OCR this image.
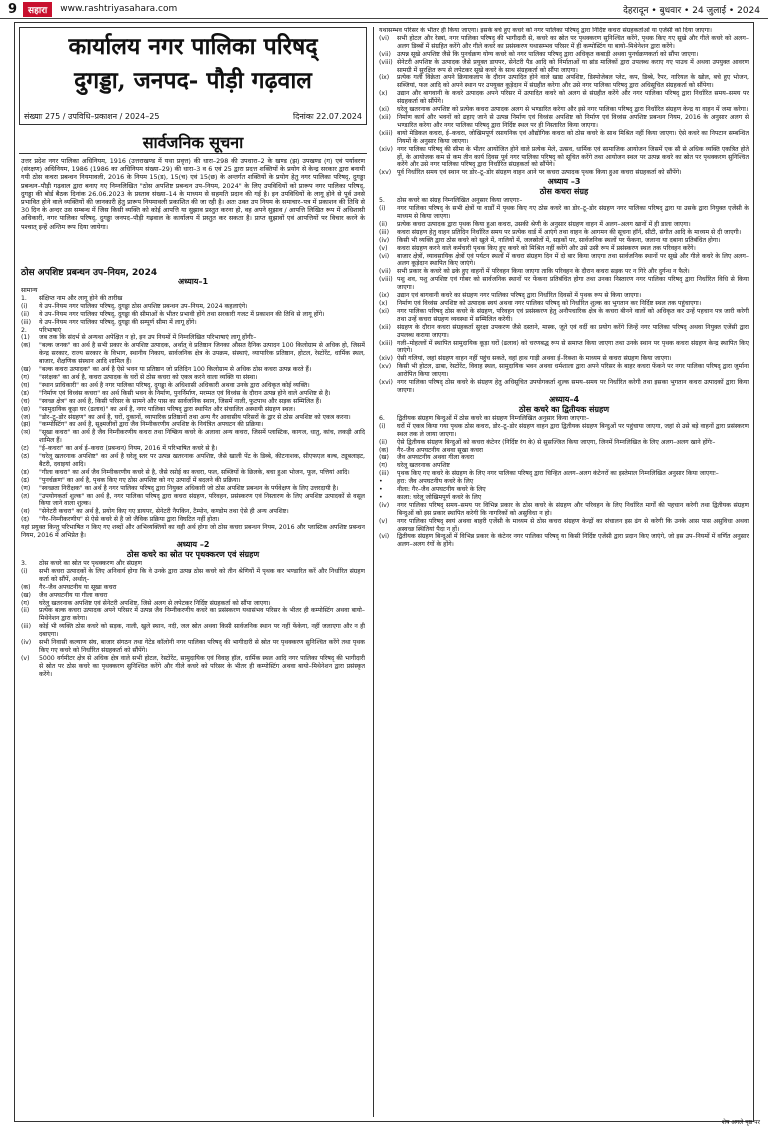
9	सहारा	www.rashtriyasahara.com	देहरादून • बुधवार • 24 जुलाई • 2024
कार्यालय नगर पालिका परिषद्
दुगड्डा, जनपद- पौड़ी गढ़वाल
संख्याः 275 / उपविधि–प्रकाशन / 2024–25	दिनांकः 22.07.2024
सार्वजनिक सूचना
उत्तर प्रदेश नगर पालिका अधिनियम, 1916 (उत्तराखण्ड में यथा प्रवृत्त) की धारा–298 की उपधारा–2 के खण्ड (झ) उपखण्ड (ग) एवं पर्यावरण (संरक्षण) अधिनियम, 1986 (1986 का अधिनियम संख्या–29) की धारा–3 व 6 एवं 25 द्वारा प्रदत्त शक्तियों के प्रयोग से केन्द्र सरकार द्वारा बनायी गयी ठोस कचरा प्रबन्धन नियमावली, 2016 के नियम 15(ड), 15(च) एवं 15(छ) के अन्तर्गत शक्तियों के प्रयोग हेतु नगर पालिका परिषद्, दुगड्डा प्रबन्धन–पौड़ी गढ़वाल द्वारा बनाए गए निम्नलिखित "ठोस अपशिष्ट प्रबन्धन उप–नियम, 2024" के लिए उपविधियों को प्रारूप नगर पालिका परिषद्, दुगड्डा की बोर्ड बैठक दिनांक 26.06.2023 के प्रस्ताव संख्या–14 के माध्यम से सहमति प्रदान की गई है। इन उपविधियों के लागू होने से पूर्व उनसे प्रभावित होने वाले व्यक्तियों की जानकारी हेतु प्रारूप नियमावली प्रकाशित की जा रही है। अतः उक्त उप नियम के समाचार–पत्र में प्रकाशन की तिथि से 30 दिन के अन्दर उस सम्बन्ध में जिस किसी व्यक्ति को कोई आपत्ति या सुझाव प्रस्तुत करना हो, वह अपने सुझाव / आपत्ति लिखित रूप में अधिशासी अधिकारी, नगर पालिका परिषद्, दुगड्डा जनपद–पौड़ी गढ़वाल के कार्यालय में प्रस्तुत कर सकता है। प्राप्त सुझावों एवं आपत्तियों पर विचार करने के पश्चात् इन्हें अन्तिम रूप दिया जायेगा।
ठोस अपशिष्ट प्रबन्धन उप–नियम, 2024
अध्याय–1
सामान्य
1.	संक्षिप्त नाम और लागू होने की तारीख
(i)	ये उप–नियम नगर पालिका परिषद्, दुगड्डा ठोस अपशिष्ट प्रबन्धन उप–नियम, 2024 कहलाएंगे।
(ii)	ये उप–नियम नगर पालिका परिषद्, दुगड्डा की सीमाओं के भीतर प्रभावी होंगे तथा सरकारी गजट में प्रकाशन की तिथि से लागू होंगे।
(iii)	ये उप–नियम नगर पालिका परिषद्, दुगड्डा की सम्पूर्ण सीमा में लागू होंगे।
2.	परिभाषाएं
(1)	जब तक कि संदर्भ से अन्यथा अपेक्षित न हो, इन उप नियमों में निम्नलिखित परिभाषाएं लागू होंगीः–
(क)	"बल्क जनक" का अर्थ है सभी प्रकार के अपशिष्ट उत्पादक, अर्थात् वे प्रतिष्ठान जिनका औसत दैनिक उत्पादन 100 किलोग्राम से अधिक हो, जिसमें केन्द्र सरकार, राज्य सरकार के विभाग, स्थानीय निकाय, सार्वजनिक क्षेत्र के उपक्रम, संस्थाएं, व्यापारिक प्रतिष्ठान, होटल, रेस्टोरेंट, धार्मिक स्थल, बाजार, शैक्षणिक संस्थान आदि शामिल हैं।
(ख)	"बल्क कचरा उत्पादक" का अर्थ है ऐसे भवन या प्रतिष्ठान जो प्रतिदिन 100 किलोग्राम से अधिक ठोस कचरा उत्पन्न करते हैं।
(ग)	"सरंक्षक" का अर्थ है, कचरा उत्पादक के घरों से ठोस कचरा को एकत्र करने वाला व्यक्ति या संस्था।
(घ)	"स्थान प्राधिकारी" का अर्थ है नगर पालिका परिषद्, दुगड्डा के अधिशासी अधिकारी अथवा उनके द्वारा अधिकृत कोई व्यक्ति।
(ड)	"निर्माण एवं विध्वंस कचरा" का अर्थ किसी भवन के निर्माण, पुनर्निर्माण, मरम्मत एवं विध्वंस के दौरान उत्पन्न होने वाले अपशिष्ट से है।
(च)	"स्वच्छ क्षेत्र" का अर्थ है, किसी परिसर के सामने और पास का सार्वजनिक स्थान, जिसमें नाली, फुटपाथ और सड़क सम्मिलित हैं।
(छ)	"सामुदायिक कूड़ा घर (ढलाव)" का अर्थ है, नगर पालिका परिषद् द्वारा स्थापित और संचालित अस्थायी संग्रहण स्थल।
(ज)	"डोर–टू–डोर संग्रहण" का अर्थ है, घरों, दुकानों, व्यापारिक प्रतिष्ठानों तथा अन्य गैर आवासीय परिसरों के द्वार से ठोस अपशिष्ट को एकत्र करना।
(झ)	"कम्पोस्टिंग" का अर्थ है, सूक्ष्मजीवों द्वारा जैव निम्नीकरणीय अपशिष्ट के नियंत्रित अपघटन की प्रक्रिया।
(ञ)	"सूखा कचरा" का अर्थ है जैव निम्नीकरणीय कचरा तथा निष्क्रिय कचरे के अलावा अन्य कचरा, जिसमें प्लास्टिक, कागज, धातु, कांच, लकड़ी आदि शामिल हैं।
(ट)	"ई–कचरा" का अर्थ ई–कचरा (प्रबन्धन) नियम, 2016 में परिभाषित कचरे से है।
(ठ)	"घरेलू खतरनाक अपशिष्ट" का अर्थ है घरेलू स्तर पर उत्पन्न खतरनाक अपशिष्ट, जैसे खाली पेंट के डिब्बे, कीटनाशक, सीएफएल बल्ब, ट्यूबलाइट, बैटरी, दवाइयां आदि।
(ड)	"गीला कचरा" का अर्थ जैव निम्नीकरणीय कचरे से है, जैसे रसोई का कचरा, फल, सब्जियों के छिलके, बचा हुआ भोजन, फूल, पत्तियां आदि।
(ढ)	"पुनर्चक्रण" का अर्थ है, पृथक किए गए ठोस अपशिष्ट को नए उत्पादों में बदलने की प्रक्रिया।
(ण)	"स्वच्छता निरीक्षक" का अर्थ है नगर पालिका परिषद् द्वारा नियुक्त अधिकारी जो ठोस अपशिष्ट प्रबन्धन के पर्यवेक्षण के लिए उत्तरदायी है।
(त)	"उपयोगकर्ता शुल्क" का अर्थ है, नगर पालिका परिषद् द्वारा कचरा संग्रहण, परिवहन, प्रसंस्करण एवं निस्तारण के लिए अपशिष्ट उत्पादकों से वसूल किया जाने वाला शुल्क।
(थ)	"सेनेटरी कचरा" का अर्थ है, प्रयोग किए गए डायपर, सेनेटरी नैपकिन, टैम्पोन, कण्डोम तथा ऐसे ही अन्य अपशिष्ट।
(द)	"गैर–निम्नीकरणीय" से ऐसे कचरे से है जो जैविक प्रक्रिया द्वारा विघटित नहीं होता।
यहां प्रयुक्त किन्तु परिभाषित न किए गए शब्दों और अभिव्यक्तियों का वही अर्थ होगा जो ठोस कचरा प्रबन्धन नियम, 2016 और प्लास्टिक अपशिष्ट प्रबन्धन नियम, 2016 में अभिप्रेत है।
अध्याय –2
ठोस कचरे का स्रोत पर पृथक्करण एवं संग्रहण
3.	ठोस कचरे का स्रोत पर पृथक्करण और संग्रहण
(i)	सभी कचरा उत्पादकों के लिए अनिवार्य होगा कि वे उनके द्वारा उत्पन्न ठोस कचरे को तीन श्रेणियों में पृथक कर भण्डारित करें और निर्धारित संग्रहण कर्ता को सौंपें, अर्थात्–
(क)	गैर–जैव अपघटनीय या सूखा कचरा
(ख)	जैव अपघटनीय या गीला कचरा
(ग)	घरेलू खतरनाक अपशिष्ट एवं सेनेटरी अपशिष्ट, जिसे अलग से लपेटकर निर्दिष्ट संग्रहकर्ता को सौंपा जाएगा।
(ii)	प्रत्येक बल्क कचरा उत्पादक अपने परिसर में उत्पन्न जैव निम्नीकरणीय कचरे का प्रसंस्करण यथासंभव परिसर के भीतर ही कम्पोस्टिंग अथवा बायो–मिथेनेशन द्वारा करेगा।
(iii)	कोई भी व्यक्ति ठोस कचरे को सड़क, नाली, खुले स्थान, नदी, जल स्रोत अथवा किसी सार्वजनिक स्थान पर नहीं फेंकेगा, नहीं जलाएगा और न ही दबाएगा।
(iv)	सभी निवासी कल्याण संघ, बाजार संगठन तथा गेटेड कॉलोनी नगर पालिका परिषद् की भागीदारी से स्रोत पर पृथक्करण सुनिश्चित करेंगे तथा पृथक किए गए कचरे को निर्धारित संग्रहकर्ता को सौंपेंगे।
(v)	5000 वर्गमीटर क्षेत्र से अधिक क्षेत्र वाले सभी होटल, रेस्टोरेंट, सामुदायिक एवं विवाह हॉल, धार्मिक स्थल आदि नगर पालिका परिषद् की भागीदारी से स्रोत पर ठोस कचरे का पृथक्करण सुनिश्चित करेंगे और गीले कचरे को परिसर के भीतर ही कम्पोस्टिंग अथवा बायो–मिथेनेशन द्वारा प्रसंस्कृत करेंगे।
यथासम्भव परिसर के भीतर ही किया जाएगा। इसके बचे हुए कचरे को नगर पालिका परिषद् द्वारा निर्दिष्ट कचरा संग्रहकर्ताओं या एजेंसी को दिया जाएगा।
(vi)	सभी होटल और रेस्त्रां, नगर पालिका परिषद् की भागीदारी से, कचरे का स्रोत पर पृथक्करण सुनिश्चित करेंगे, पृथक किए गए सूखे और गीले कचरे को अलग–अलग डिब्बों में संग्रहित करेंगे और गीले कचरे का प्रसंस्करण यथासम्भव परिसर में ही कम्पोस्टिंग या बायो–मिथेनेशन द्वारा करेंगे।
(vii) उत्पन्न सूखे अपशिष्ट जैसे कि पुनर्चक्रण योग्य कचरे को नगर पालिका परिषद् द्वारा अधिकृत कबाड़ी अथवा पुनर्चक्रणकर्ता को सौंपा जाएगा।
(viii) सेनेटरी अपशिष्ट के उत्पादक जैसे प्रयुक्त डायपर, सेनेटरी पैड आदि को निर्माताओं या ब्रांड मालिकों द्वारा उपलब्ध कराए गए पाउच में अथवा उपयुक्त आवरण सामग्री में सुरक्षित रूप से लपेटकर सूखे कचरे के साथ संग्रहकर्ता को सौंपा जाएगा।
(ix)	प्रत्येक गली विक्रेता अपने क्रियाकलाप के दौरान उत्पादित होने वाले खाद्य अपशिष्ट, डिस्पोजेबल प्लेट, कप, डिब्बे, रैपर, नारियल के खोल, बचे हुए भोजन, सब्जियां, फल आदि को अपने स्थान पर उपयुक्त कूड़ेदान में संग्रहीत करेगा और उसे नगर पालिका परिषद् द्वारा अधिसूचित संग्रहकर्ता को सौंपेगा।
(x)	उद्यान और बागवानी के कचरे उत्पादक अपने परिसर में उत्पादित कचरे को अलग से संग्रहीत करेंगे और नगर पालिका परिषद् द्वारा निर्धारित समय–समय पर संग्रहकर्ता को सौंपेंगे।
(xi)	घरेलू खतरनाक अपशिष्ट को प्रत्येक कचरा उत्पादक अलग से भण्डारित करेगा और इसे नगर पालिका परिषद् द्वारा निर्धारित संग्रहण केन्द्र या वाहन में जमा करेगा।
(xii) निर्माण कार्य और भवनों को ढहाए जाने से उत्पन्न निर्माण एवं विध्वंस अपशिष्ट को निर्माण एवं विध्वंस अपशिष्ट प्रबन्धन नियम, 2016 के अनुसार अलग से भण्डारित करेगा और नगर पालिका परिषद् द्वारा निर्दिष्ट स्थल पर ही निस्तारित किया जाएगा।
(xiii) बायो मेडिकल कचरा, ई–कचरा, जोखिमपूर्ण रसायनिक एवं औद्योगिक कचरा को ठोस कचरे के साथ मिश्रित नहीं किया जाएगा। ऐसे कचरे का निपटान सम्बन्धित नियमों के अनुसार किया जाएगा।
(xiv) नगर पालिका परिषद् की सीमा के भीतर आयोजित होने वाले प्रत्येक मेले, उत्सव, धार्मिक एवं सामाजिक आयोजन जिसमें एक सौ से अधिक व्यक्ति एकत्रित होते हों, के आयोजक कम से कम तीन कार्य दिवस पूर्व नगर पालिका परिषद् को सूचित करेंगे तथा आयोजन स्थल पर उत्पन्न कचरे का स्रोत पर पृथक्करण सुनिश्चित करेंगे और उसे नगर पालिका परिषद् द्वारा निर्धारित संग्रहकर्ता को सौंपेंगे।
(xv) पूर्व निर्धारित समय एवं स्थान पर डोर–टू–डोर संग्रहण वाहन आने पर कचरा उत्पादक पृथक किया हुआ कचरा संग्रहकर्ता को सौंपेंगे।
अध्याय –3
ठोस कचरा संग्रह
5.	ठोस कचरे का संग्रह निम्नलिखित अनुसार किया जाएगाः–
(i)	नगर पालिका परिषद् के सभी क्षेत्रों या वार्डों में पृथक किए गए ठोस कचरे का डोर–टू–डोर संग्रहण नगर पालिका परिषद् द्वारा या उसके द्वारा नियुक्त एजेंसी के माध्यम से किया जाएगा।
(ii)	प्रत्येक कचरा उत्पादक द्वारा पृथक किया हुआ कचरा, उसकी श्रेणी के अनुसार संग्रहण वाहन में अलग–अलग खानों में ही डाला जाएगा।
(iii)	कचरा संग्रहण हेतु वाहन प्रतिदिन निर्धारित समय पर प्रत्येक वार्ड में आएंगे तथा वाहन के आगमन की सूचना हॉर्न, सीटी, संगीत आदि के माध्यम से दी जाएगी।
(iv)	किसी भी व्यक्ति द्वारा ठोस कचरे को खुले में, नालियों में, जलस्रोतों में, सड़कों पर, सार्वजनिक स्थलों पर फेंकना, जलाना या दबाना प्रतिबंधित होगा।
(v)	कचरा संग्रहण करने वाले कर्मचारी पृथक किए हुए कचरे को मिश्रित नहीं करेंगे और उसे उसी रूप में प्रसंस्करण स्थल तक परिवहन करेंगे।
(vi)	बाजार क्षेत्रों, व्यावसायिक क्षेत्रों एवं पर्यटन स्थलों में कचरा संग्रहण दिन में दो बार किया जाएगा तथा सार्वजनिक स्थानों पर सूखे और गीले कचरे के लिए अलग–अलग कूड़ेदान स्थापित किए जाएंगे।
(vii) सभी प्रकार के कचरे को ढके हुए वाहनों में परिवहन किया जाएगा ताकि परिवहन के दौरान कचरा सड़क पर न गिरे और दुर्गन्ध न फैले।
(viii) पशु शव, पशु अपशिष्ट एवं गोबर को सार्वजनिक स्थानों पर फेंकना प्रतिबंधित होगा तथा उनका निस्तारण नगर पालिका परिषद् द्वारा निर्धारित विधि से किया जाएगा।
(ix)	उद्यान एवं बागवानी कचरे का संग्रहण नगर पालिका परिषद् द्वारा निर्धारित दिवसों में पृथक रूप से किया जाएगा।
(x)	निर्माण एवं विध्वंस अपशिष्ट को उत्पादक स्वयं अथवा नगर पालिका परिषद् को निर्धारित शुल्क का भुगतान कर निर्दिष्ट स्थल तक पहुंचाएगा।
(xi)	नगर पालिका परिषद् ठोस कचरे के संग्रहण, परिवहन एवं प्रसंस्करण हेतु अनौपचारिक क्षेत्र के कचरा बीनने वालों को अधिकृत कर उन्हें पहचान पत्र जारी करेगी तथा उन्हें कचरा संग्रहण व्यवस्था में सम्मिलित करेगी।
(xii) संग्रहण के दौरान कचरा संग्रहकर्ता सुरक्षा उपकरण जैसे दस्ताने, मास्क, जूते एवं वर्दी का प्रयोग करेंगे जिन्हें नगर पालिका परिषद् अथवा नियुक्त एजेंसी द्वारा उपलब्ध कराया जाएगा।
(xiii) गली–मोहल्लों में स्थापित सामुदायिक कूड़ा घरों (ढलाव) को चरणबद्ध रूप से समाप्त किया जाएगा तथा उनके स्थान पर पृथक कचरा संग्रहण केन्द्र स्थापित किए जाएंगे।
(xiv) ऐसी गलियां, जहां संग्रहण वाहन नहीं पहुंच सकते, वहां हाथ गाड़ी अथवा ई–रिक्शा के माध्यम से कचरा संग्रहण किया जाएगा।
(xv) किसी भी होटल, ढाबा, रेस्टोरेंट, विवाह स्थल, सामुदायिक भवन अथवा धर्मशाला द्वारा अपने परिसर के बाहर कचरा फेंकने पर नगर पालिका परिषद् द्वारा जुर्माना आरोपित किया जाएगा।
(xvi) नगर पालिका परिषद् ठोस कचरे के संग्रहण हेतु अधिसूचित उपयोगकर्ता शुल्क समय–समय पर निर्धारित करेगी तथा इसका भुगतान कचरा उत्पादकों द्वारा किया जाएगा।
अध्याय–4
ठोस कचरे का द्वितीयक संग्रहण
6.	द्वितीयक संग्रहण बिन्दुओं में ठोस कचरे का संग्रहण निम्नलिखित अनुसार किया जाएगाः–
(i)	घरों में एकत्र किया गया पृथक ठोस कचरा, डोर–टू–डोर संग्रहण वाहन द्वारा द्वितीयक संग्रहण बिन्दुओं पर पहुंचाया जाएगा, जहां से उसे बड़े वाहनों द्वारा प्रसंस्करण स्थल तक ले जाया जाएगा।
(ii)	ऐसे द्वितीयक संग्रहण बिन्दुओं को कचरा कंटेनर (निर्दिष्ट रंग के) से सुसज्जित किया जाएगा, जिनमें निम्नलिखित के लिए अलग–अलग खाने होंगेः–
(क)	गैर–जैव अपघटनीय अथवा सूखा कचरा
(ख)	जैव अपघटनीय अथवा गीला कचरा
(ग)	घरेलू खतरनाक अपशिष्ट
(iii)	पृथक किए गए कचरे के संग्रहण के लिए नगर पालिका परिषद् द्वारा चिन्हित अलग–अलग कंटेनरों का इस्तेमाल निम्नलिखित अनुसार किया जाएगाः–
•	हरा: जैव अपघटनीय कचरे के लिए
•	नीला: गैर–जैव अपघटनीय कचरे के लिए
•	काला: घरेलू जोखिमपूर्ण कचरे के लिए
(iv)	नगर पालिका परिषद् समय–समय पर विभिन्न प्रकार के ठोस कचरे के संग्रहण और परिवहन के लिए निर्धारित मार्गों की पहचान करेगी तथा द्वितीयक संग्रहण बिन्दुओं को इस प्रकार स्थापित करेगी कि नागरिकों को असुविधा न हो।
(v)	नगर पालिका परिषद् स्वयं अथवा बाहरी एजेंसी के माध्यम से ठोस कचरा संग्रहण केन्द्रों का संचालन इस ढंग से करेगी कि उनके आस पास असुविधा अथवा अस्वच्छ स्थितियां पैदा न हों।
(vi)	द्वितीयक संग्रहण बिन्दुओं में विभिन्न प्रकार के कंटेनर नगर पालिका परिषद् या किसी निर्दिष्ट एजेंसी द्वारा प्रदान किए जाएंगे, जो इस उप–नियमों में वर्णित अनुसार अलग–अलग रंगों के होंगे।
शेष अगले पृष्ठ पर
